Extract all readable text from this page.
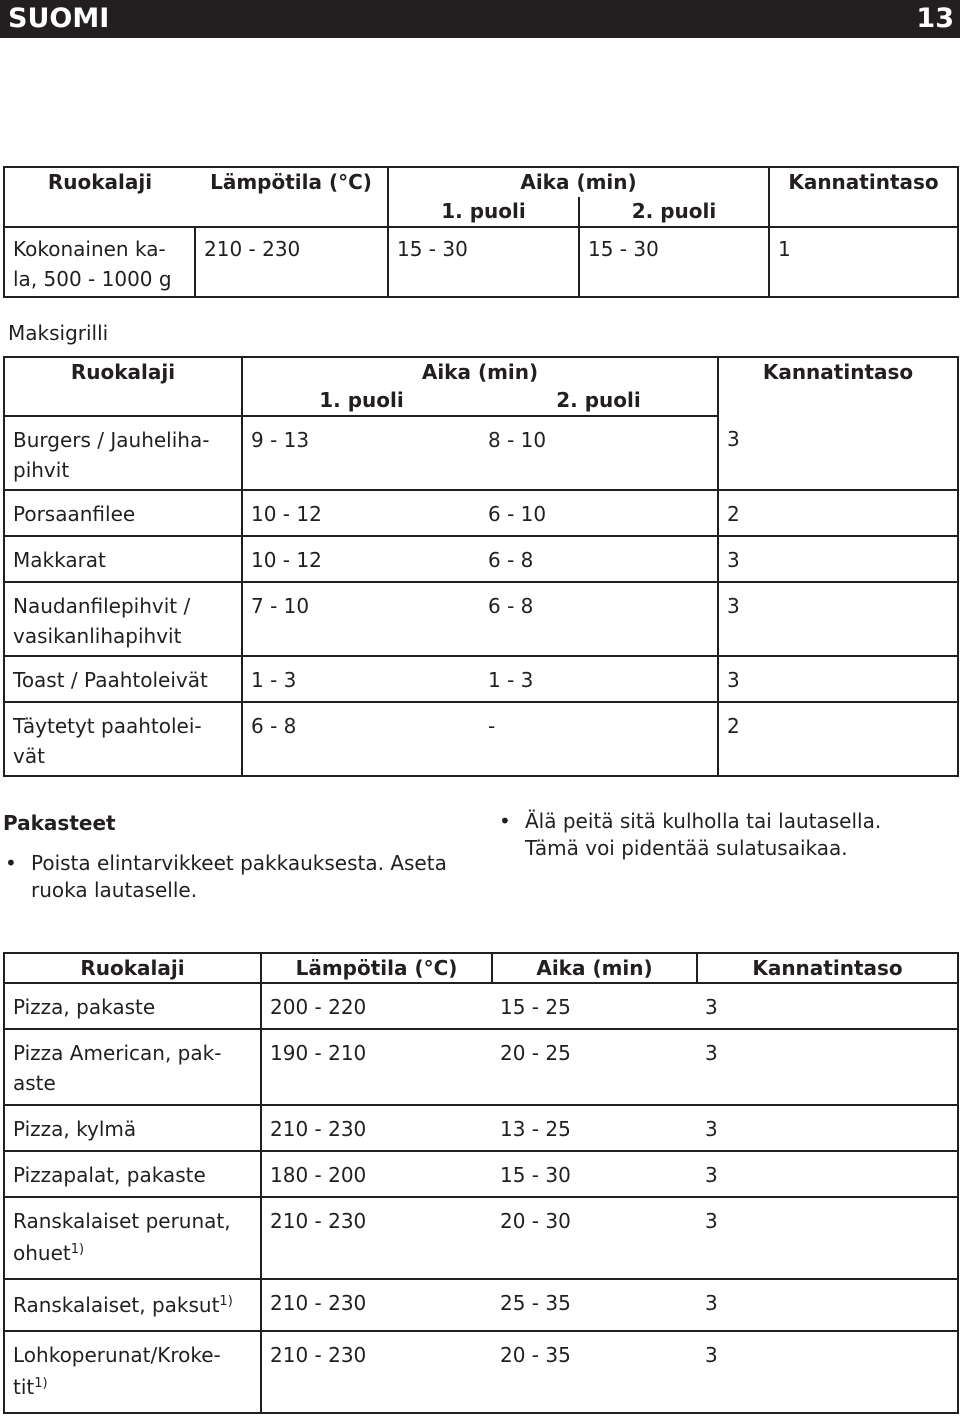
SUOMI	13
Ruokalaji	Lämpötila (°C)	Aika (min)		Kannatintaso
		1. puoli	2. puoli	

Kokonainen ka-
la, 500 - 1000 g	210 - 230	15 - 30	15 - 30	1
Maksigrilli
Ruokalaji	Aika (min)		Kannatintaso
	1. puoli	2. puoli	

Burgers / Jauheliha-
pihvit	9 - 13	8 - 10	3

Porsaanfilee	10 - 12	6 - 10	2

Makkarat	10 - 12	6 - 8	3

Naudanfilepihvit /
vasikanlihapihvit	7 - 10	6 - 8	3

Toast / Paahtoleivät	1 - 3	1 - 3	3

Täytetyt paahtolei-
vät	6 - 8	-	2
Pakasteet
• Poista elintarvikkeet pakkauksesta. Aseta
ruoka lautaselle.
• Älä peitä sitä kulholla tai lautasella.
Tämä voi pidentää sulatusaikaa.
Ruokalaji	Lämpötila (°C)	Aika (min)	Kannatintaso

Pizza, pakaste	200 - 220	15 - 25	3

Pizza American, pak-
aste	190 - 210	20 - 25	3

Pizza, kylmä	210 - 230	13 - 25	3

Pizzapalat, pakaste	180 - 200	15 - 30	3

Ranskalaiset perunat,
ohuet$^{1)}$	210 - 230	20 - 30	3

Ranskalaiset, paksut$^{1)}$	210 - 230	25 - 35	3

Lohkoperunat/Kroke-
tit$^{1)}$	210 - 230	20 - 35	3
